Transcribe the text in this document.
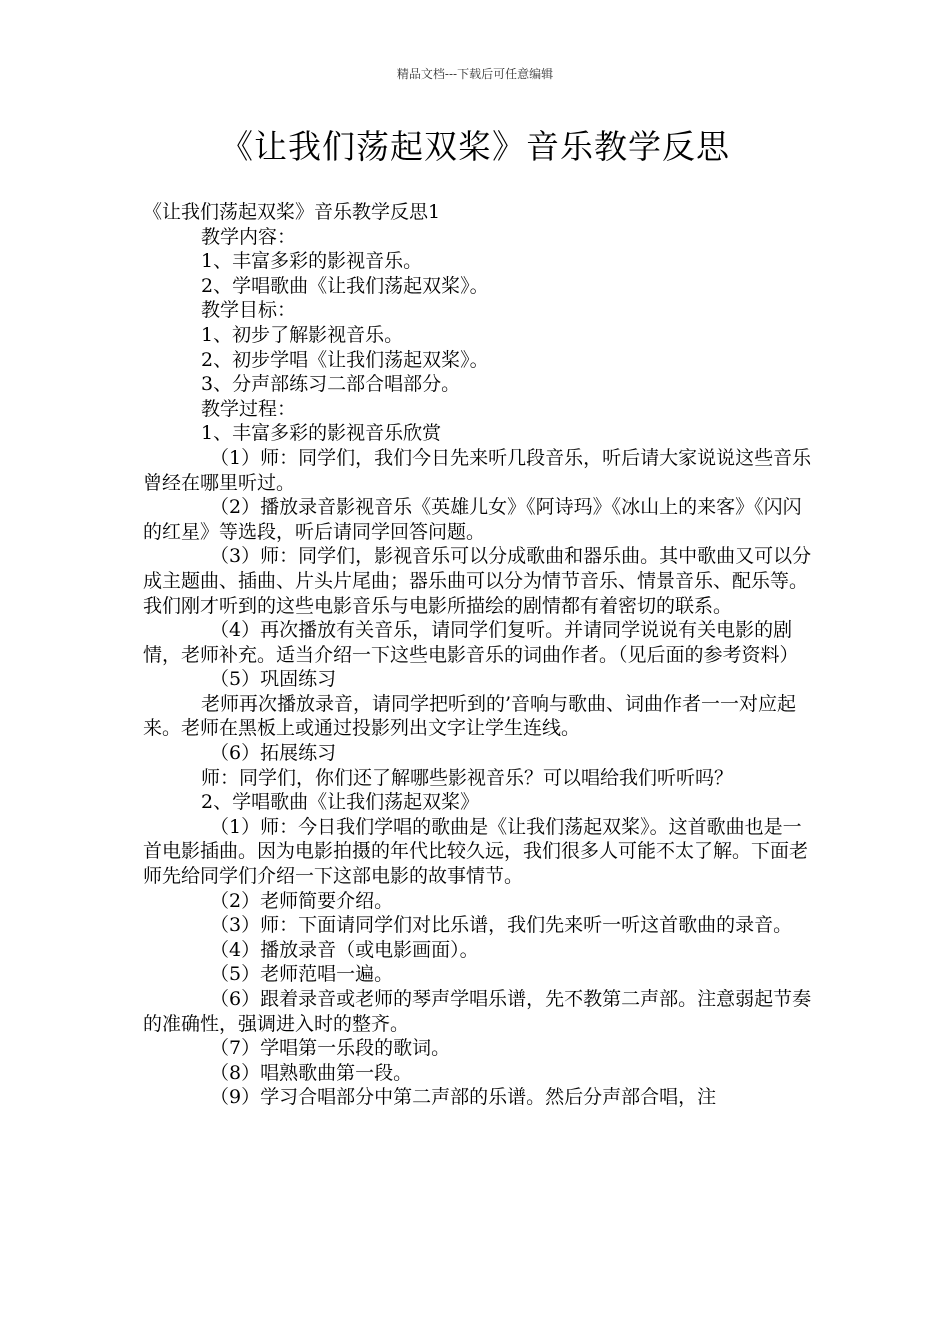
精品文档---下载后可任意编辑
《让我们荡起双桨》音乐教学反思
《让我们荡起双桨》音乐教学反思1
教学内容：
1、丰富多彩的影视音乐。
2、学唱歌曲《让我们荡起双桨》。
教学目标：
1、初步了解影视音乐。
2、初步学唱《让我们荡起双桨》。
3、分声部练习二部合唱部分。
教学过程：
1、丰富多彩的影视音乐欣赏
（1）师：同学们，我们今日先来听几段音乐，听后请大家说说这些音乐曾经在哪里听过。
（2）播放录音影视音乐《英雄儿女》《阿诗玛》《冰山上的来客》《闪闪的红星》等选段，听后请同学回答问题。
（3）师：同学们，影视音乐可以分成歌曲和器乐曲。其中歌曲又可以分成主题曲、插曲、片头片尾曲；器乐曲可以分为情节音乐、情景音乐、配乐等。我们刚才听到的这些电影音乐与电影所描绘的剧情都有着密切的联系。
（4）再次播放有关音乐，请同学们复听。并请同学说说有关电影的剧情，老师补充。适当介绍一下这些电影音乐的词曲作者。（见后面的参考资料）
（5）巩固练习
老师再次播放录音，请同学把听到的’音响与歌曲、词曲作者一一对应起来。老师在黑板上或通过投影列出文字让学生连线。
（6）拓展练习
师：同学们，你们还了解哪些影视音乐？可以唱给我们听听吗？
2、学唱歌曲《让我们荡起双桨》
（1）师：今日我们学唱的歌曲是《让我们荡起双桨》。这首歌曲也是一首电影插曲。因为电影拍摄的年代比较久远，我们很多人可能不太了解。下面老师先给同学们介绍一下这部电影的故事情节。
（2）老师简要介绍。
（3）师：下面请同学们对比乐谱，我们先来听一听这首歌曲的录音。
（4）播放录音（或电影画面）。
（5）老师范唱一遍。
（6）跟着录音或老师的琴声学唱乐谱，先不教第二声部。注意弱起节奏的准确性，强调进入时的整齐。
（7）学唱第一乐段的歌词。
（8）唱熟歌曲第一段。
（9）学习合唱部分中第二声部的乐谱。然后分声部合唱，注
